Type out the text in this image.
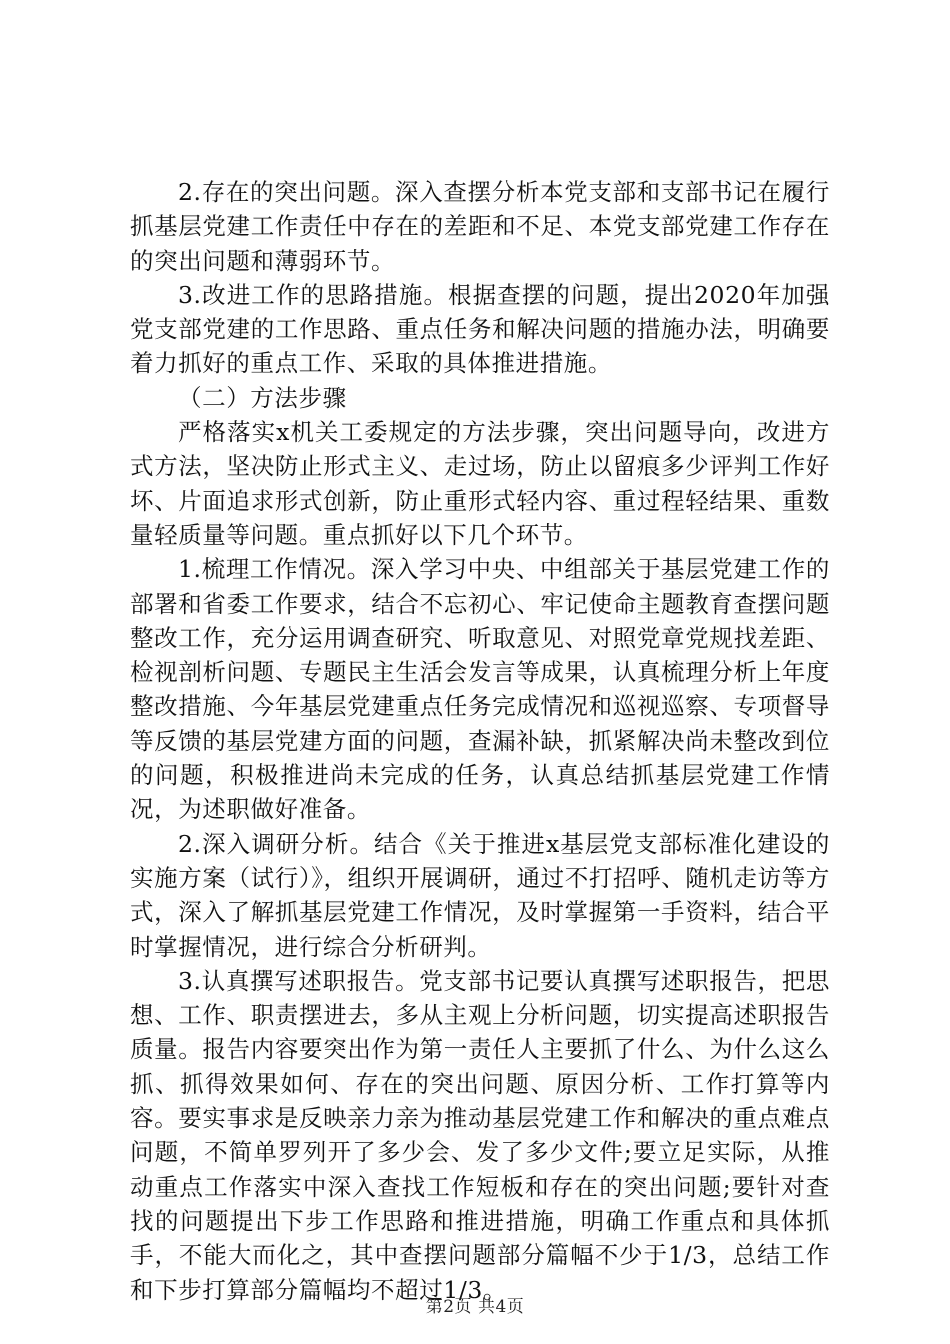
2.存在的突出问题。深入查摆分析本党支部和支部书记在履行抓基层党建工作责任中存在的差距和不足、本党支部党建工作存在的突出问题和薄弱环节。

3.改进工作的思路措施。根据查摆的问题，提出2020年加强党支部党建的工作思路、重点任务和解决问题的措施办法，明确要着力抓好的重点工作、采取的具体推进措施。

（二）方法步骤

严格落实x机关工委规定的方法步骤，突出问题导向，改进方式方法，坚决防止形式主义、走过场，防止以留痕多少评判工作好坏、片面追求形式创新，防止重形式轻内容、重过程轻结果、重数量轻质量等问题。重点抓好以下几个环节。

1.梳理工作情况。深入学习中央、中组部关于基层党建工作的部署和省委工作要求，结合不忘初心、牢记使命主题教育查摆问题整改工作，充分运用调查研究、听取意见、对照党章党规找差距、检视剖析问题、专题民主生活会发言等成果，认真梳理分析上年度整改措施、今年基层党建重点任务完成情况和巡视巡察、专项督导等反馈的基层党建方面的问题，查漏补缺，抓紧解决尚未整改到位的问题，积极推进尚未完成的任务，认真总结抓基层党建工作情况，为述职做好准备。

2.深入调研分析。结合《关于推进x基层党支部标准化建设的实施方案（试行）》，组织开展调研，通过不打招呼、随机走访等方式，深入了解抓基层党建工作情况，及时掌握第一手资料，结合平时掌握情况，进行综合分析研判。

3.认真撰写述职报告。党支部书记要认真撰写述职报告，把思想、工作、职责摆进去，多从主观上分析问题，切实提高述职报告质量。报告内容要突出作为第一责任人主要抓了什么、为什么这么抓、抓得效果如何、存在的突出问题、原因分析、工作打算等内容。要实事求是反映亲力亲为推动基层党建工作和解决的重点难点问题，不简单罗列开了多少会、发了多少文件;要立足实际，从推动重点工作落实中深入查找工作短板和存在的突出问题;要针对查找的问题提出下步工作思路和推进措施，明确工作重点和具体抓手，不能大而化之，其中查摆问题部分篇幅不少于1/3，总结工作和下步打算部分篇幅均不超过1/3。

第2页 共4页
